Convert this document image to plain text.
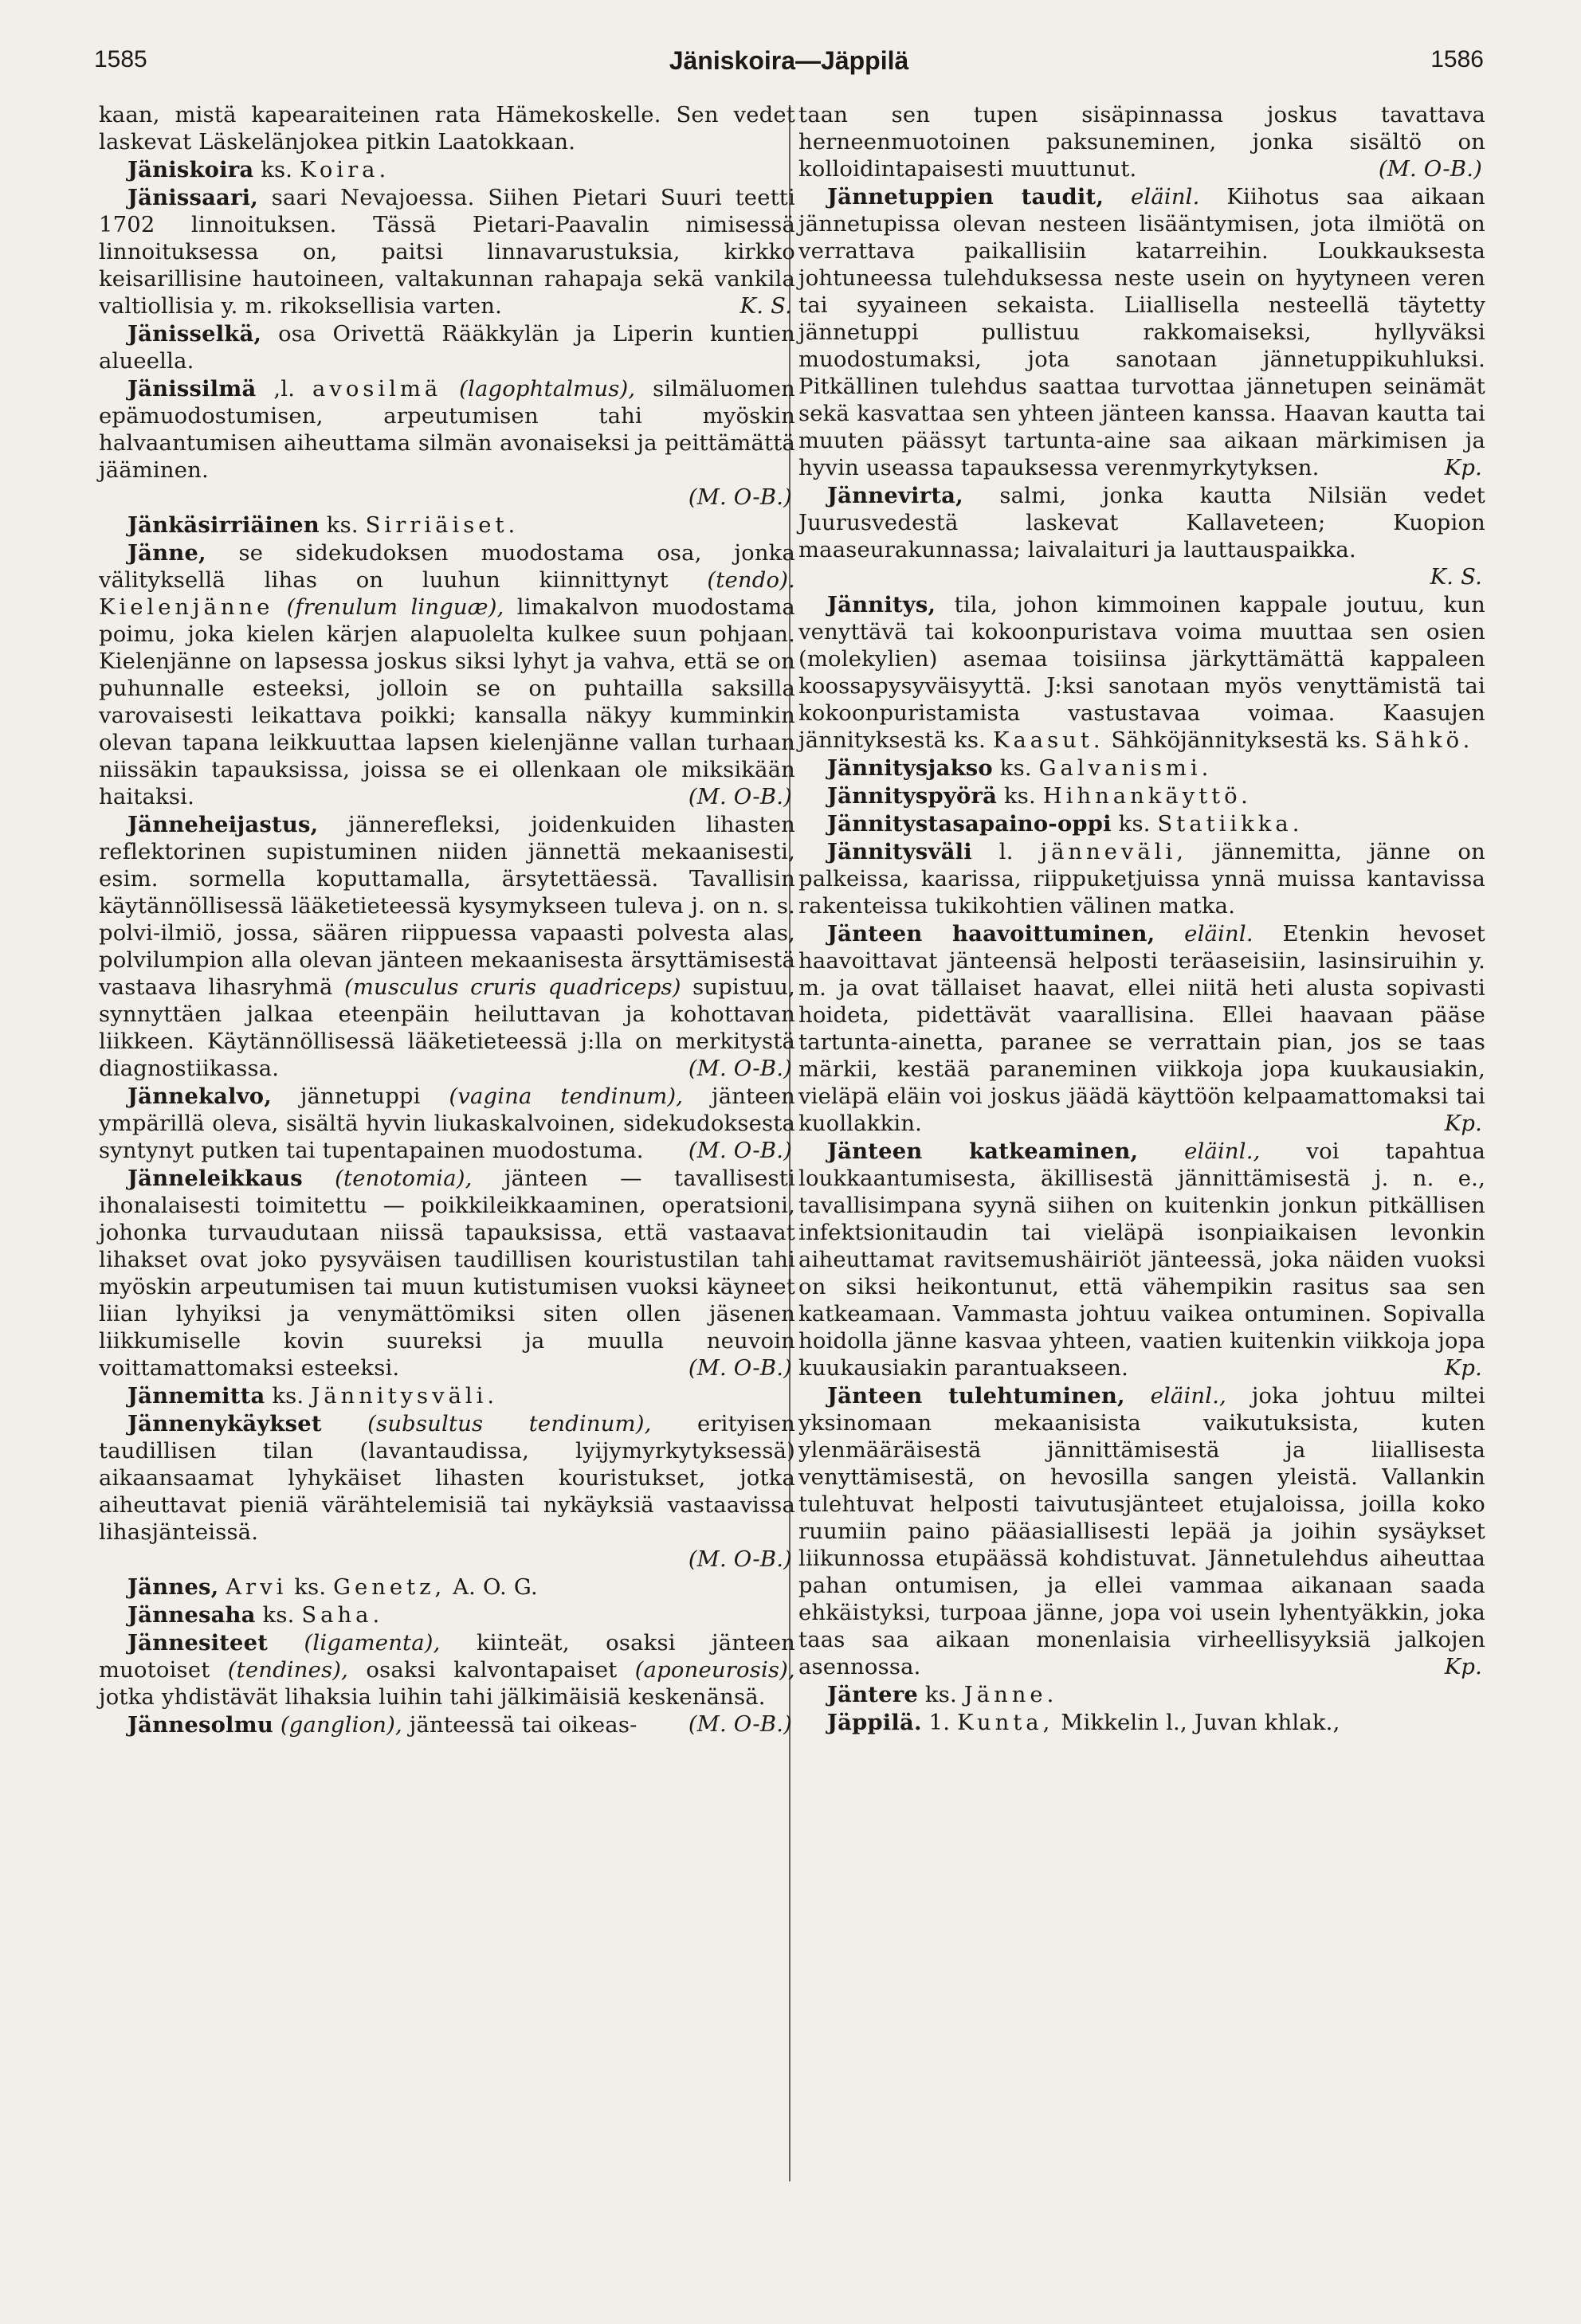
1585	Jäniskoira—Jäppilä	1586

kaan, mistä kapearaiteinen rata Hämekoskelle. Sen vedet laskevat Läskelänjokea pitkin Laatokkaan.

Jäniskoira ks. Koira.

Jänissaari, saari Nevajoessa. Siihen Pietari Suuri teetti 1702 linnoituksen. Tässä Pietari-Paavalin nimisessä linnoituksessa on, paitsi linnavarustuksia, kirkko keisarillisine hautoineen, valtakunnan rahapaja sekä vankila valtiollisia y. m. rikoksellisia varten.	K. S.

Jänisselkä, osa Orivettä Rääkkylän ja Liperin kuntien alueella.

Jänissilmä ,l. avosilmä (lagophtalmus), silmäluomen epämuodostumisen, arpeutumisen tahi myöskin halvaantumisen aiheuttama silmän avonaiseksi ja peittämättä jääminen.
(M. O-B.)

Jänkäsirriäinen ks. Sirriäiset.

Jänne, se sidekudoksen muodostama osa, jonka välityksellä lihas on luuhun kiinnittynyt (tendo). Kielenjänne (frenulum linguæ), limakalvon muodostama poimu, joka kielen kärjen alapuolelta kulkee suun pohjaan. Kielenjänne on lapsessa joskus siksi lyhyt ja vahva, että se on puhunnalle esteeksi, jolloin se on puhtailla saksilla varovaisesti leikattava poikki; kansalla näkyy kumminkin olevan tapana leikkuuttaa lapsen kielenjänne vallan turhaan niissäkin tapauksissa, joissa se ei ollenkaan ole miksikään haitaksi.	(M. O-B.)

Jänneheijastus, jännerefleksi, joidenkuiden lihasten reflektorinen supistuminen niiden jännettä mekaanisesti, esim. sormella koputtamalla, ärsytettäessä. Tavallisin käytännöllisessä lääketieteessä kysymykseen tuleva j. on n. s. polvi-ilmiö, jossa, säären riippuessa vapaasti polvesta alas, polvilumpion alla olevan jänteen mekaanisesta ärsyttämisestä vastaava lihasryhmä (musculus cruris quadriceps) supistuu, synnyttäen jalkaa eteenpäin heiluttavan ja kohottavan liikkeen. Käytännöllisessä lääketieteessä j:lla on merkitystä diagnostiikassa.	(M. O-B.)

Jännekalvo, jännetuppi (vagina tendinum), jänteen ympärillä oleva, sisältä hyvin liukaskalvoinen, sidekudoksesta syntynyt putken tai tupentapainen muodostuma.	(M. O-B.)

Jänneleikkaus (tenotomia), jänteen — tavallisesti ihonalaisesti toimitettu — poikkileikkaaminen, operatsioni, johonka turvaudutaan niissä tapauksissa, että vastaavat lihakset ovat joko pysyväisen taudillisen kouristustilan tahi myöskin arpeutumisen tai muun kutistumisen vuoksi käyneet liian lyhyiksi ja venymättömiksi siten ollen jäsenen liikkumiselle kovin suureksi ja muulla neuvoin voittamattomaksi esteeksi.	(M. O-B.)

Jännemitta ks. Jännitysväli.

Jännenykäykset (subsultus tendinum), erityisen taudillisen tilan (lavantaudissa, lyijymyrkytyksessä) aikaansaamat lyhykäiset lihasten kouristukset, jotka aiheuttavat pieniä värähtelemisiä tai nykäyksiä vastaavissa lihasjänteissä.
(M. O-B.)

Jännes, Arvi ks. Genetz, A. O. G.

Jännesaha ks. Saha.

Jännesiteet (ligamenta), kiinteät, osaksi jänteen muotoiset (tendines), osaksi kalvontapaiset (aponeurosis), jotka yhdistävät lihaksia luihin tahi jälkimäisiä keskenänsä.
(M. O-B.)

Jännesolmu (ganglion), jänteessä tai oikeas-

taan sen tupen sisäpinnassa joskus tavattava herneenmuotoinen paksuneminen, jonka sisältö on kolloidintapaisesti muuttunut.	(M. O-B.)

Jännetuppien taudit, eläinl. Kiihotus saa aikaan jännetupissa olevan nesteen lisääntymisen, jota ilmiötä on verrattava paikallisiin katarreihin. Loukkauksesta johtuneessa tulehduksessa neste usein on hyytyneen veren tai syyaineen sekaista. Liiallisella nesteellä täytetty jännetuppi pullistuu rakkomaiseksi, hyllyväksi muodostumaksi, jota sanotaan jännetuppikuhluksi. Pitkällinen tulehdus saattaa turvottaa jännetupen seinämät sekä kasvattaa sen yhteen jänteen kanssa. Haavan kautta tai muuten päässyt tartunta-aine saa aikaan märkimisen ja hyvin useassa tapauksessa verenmyrkytyksen.	Kp.

Jännevirta, salmi, jonka kautta Nilsiän vedet Juurusvedestä laskevat Kallaveteen; Kuopion maaseurakunnassa; laivalaituri ja lauttauspaikka.
K. S.

Jännitys, tila, johon kimmoinen kappale joutuu, kun venyttävä tai kokoonpuristava voima muuttaa sen osien (molekylien) asemaa toisiinsa järkyttämättä kappaleen koossapysyväisyyttä. J:ksi sanotaan myös venyttämistä tai kokoonpuristamista vastustavaa voimaa. Kaasujen jännityksestä ks. Kaasut. Sähköjännityksestä ks. Sähkö.

Jännitysjakso ks. Galvanismi.

Jännityspyörä ks. Hihnankäyttö.

Jännitystasapaino-oppi ks. Statiikka.

Jännitysväli l. jänneväli, jännemitta, jänne on palkeissa, kaarissa, riippuketjuissa ynnä muissa kantavissa rakenteissa tukikohtien välinen matka.

Jänteen haavoittuminen, eläinl. Etenkin hevoset haavoittavat jänteensä helposti teräaseisiin, lasinsiruihin y. m. ja ovat tällaiset haavat, ellei niitä heti alusta sopivasti hoideta, pidettävät vaarallisina. Ellei haavaan pääse tartunta-ainetta, paranee se verrattain pian, jos se taas märkii, kestää paraneminen viikkoja jopa kuukausiakin, vieläpä eläin voi joskus jäädä käyttöön kelpaamattomaksi tai kuollakkin.	Kp.

Jänteen katkeaminen, eläinl., voi tapahtua loukkaantumisesta, äkillisestä jännittämisestä j. n. e., tavallisimpana syynä siihen on kuitenkin jonkun pitkällisen infektsionitaudin tai vieläpä isonpiaikaisen levonkin aiheuttamat ravitsemushäiriöt jänteessä, joka näiden vuoksi on siksi heikontunut, että vähempikin rasitus saa sen katkeamaan. Vammasta johtuu vaikea ontuminen. Sopivalla hoidolla jänne kasvaa yhteen, vaatien kuitenkin viikkoja jopa kuukausiakin parantuakseen.	Kp.

Jänteen tulehtuminen, eläinl., joka johtuu miltei yksinomaan mekaanisista vaikutuksista, kuten ylenmääräisestä jännittämisestä ja liiallisesta venyttämisestä, on hevosilla sangen yleistä. Vallankin tulehtuvat helposti taivutusjänteet etujaloissa, joilla koko ruumiin paino pääasiallisesti lepää ja joihin sysäykset liikunnossa etupäässä kohdistuvat. Jännetulehdus aiheuttaa pahan ontumisen, ja ellei vammaa aikanaan saada ehkäistyksi, turpoaa jänne, jopa voi usein lyhentyäkkin, joka taas saa aikaan monenlaisia virheellisyyksiä jalkojen asennossa.	Kp.

Jäntere ks. Jänne.

Jäppilä. 1. Kunta, Mikkelin l., Juvan khlak.,
